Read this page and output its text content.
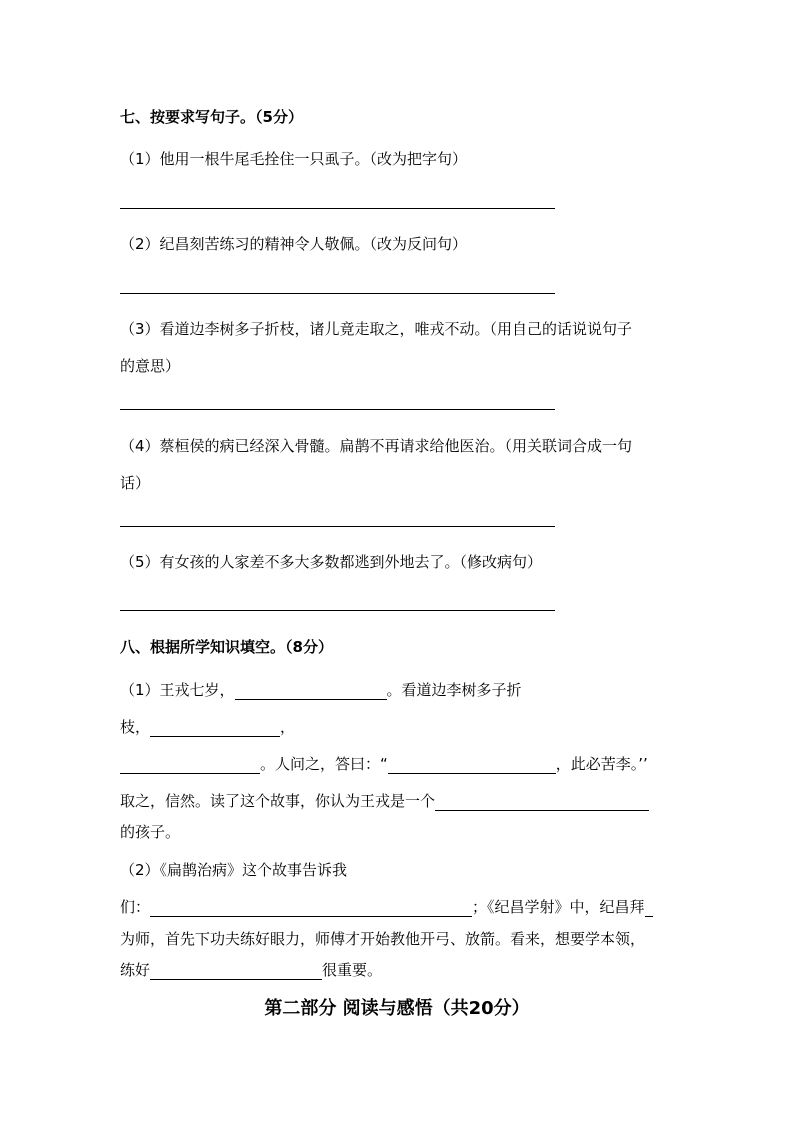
七、按要求写句子。（5分）
（1）他用一根牛尾毛拴住一只虱子。（改为把字句）
（2）纪昌刻苦练习的精神令人敬佩。（改为反问句）
（3）看道边李树多子折枝，诸儿竟走取之，唯戎不动。（用自己的话说说句子
的意思）
（4）蔡桓侯的病已经深入骨髓。扁鹊不再请求给他医治。（用关联词合成一句
话）
（5）有女孩的人家差不多大多数都逃到外地去了。（修改病句）
八、根据所学知识填空。（8分）
（1）王戎七岁，	。看道边李树多子折
枝，	，
。人问之，答曰：“	，此必苦李。’’
取之，信然。读了这个故事，你认为王戎是一个
的孩子。
（2）《扁鹊治病》这个故事告诉我
们：	；《纪昌学射》中，纪昌拜
为师，首先下功夫练好眼力，师傅才开始教他开弓、放箭。看来，想要学本领，
练好	很重要。
第二部分 阅读与感悟（共20分）
